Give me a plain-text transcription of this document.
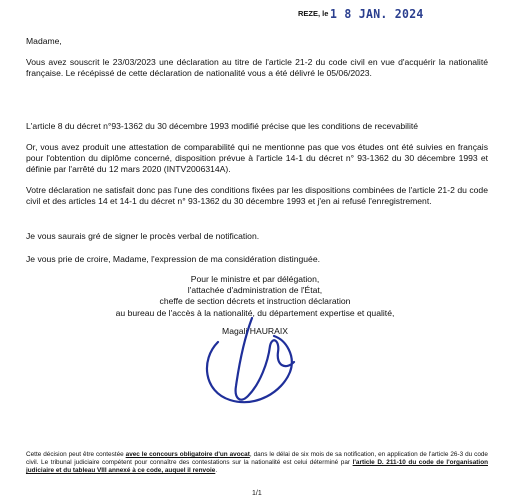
REZE, le 1 8 JAN. 2024

Madame,

Vous avez souscrit le 23/03/2023 une déclaration au titre de l'article 21-2 du code civil en vue d'acquérir la nationalité française. Le récépissé de cette déclaration de nationalité vous a été délivré le 05/06/2023.

L'article 8 du décret n°93-1362 du 30 décembre 1993 modifié précise que les conditions de recevabilité

Or, vous avez produit une attestation de comparabilité qui ne mentionne pas que vos études ont été suivies en français pour l'obtention du diplôme concerné, disposition prévue à l'article 14-1 du décret n° 93-1362 du 30 décembre 1993 et définie par l'arrêté du 12 mars 2020 (INTV2006314A).

Votre déclaration ne satisfait donc pas l'une des conditions fixées par les dispositions combinées de l'article 21-2 du code civil et des articles 14 et 14-1 du décret n° 93-1362 du 30 décembre 1993 et j'en ai refusé l'enregistrement.

Je vous saurais gré de signer le procès verbal de notification.

Je vous prie de croire, Madame, l'expression de ma considération distinguée.

Pour le ministre et par délégation,
l'attachée d'administration de l'État,
cheffe de section décrets et instruction déclaration
au bureau de l'accès à la nationalité, du département expertise et qualité,
Magali HAURAIX
Cette décision peut être contestée avec le concours obligatoire d'un avocat, dans le délai de six mois de sa notification, en application de l'article 26-3 du code civil. Le tribunal judiciaire compétent pour connaître des contestations sur la nationalité est celui déterminé par l'article D. 211-10 du code de l'organisation judiciaire et du tableau VIII annexé à ce code, auquel il renvoie.
1/1
